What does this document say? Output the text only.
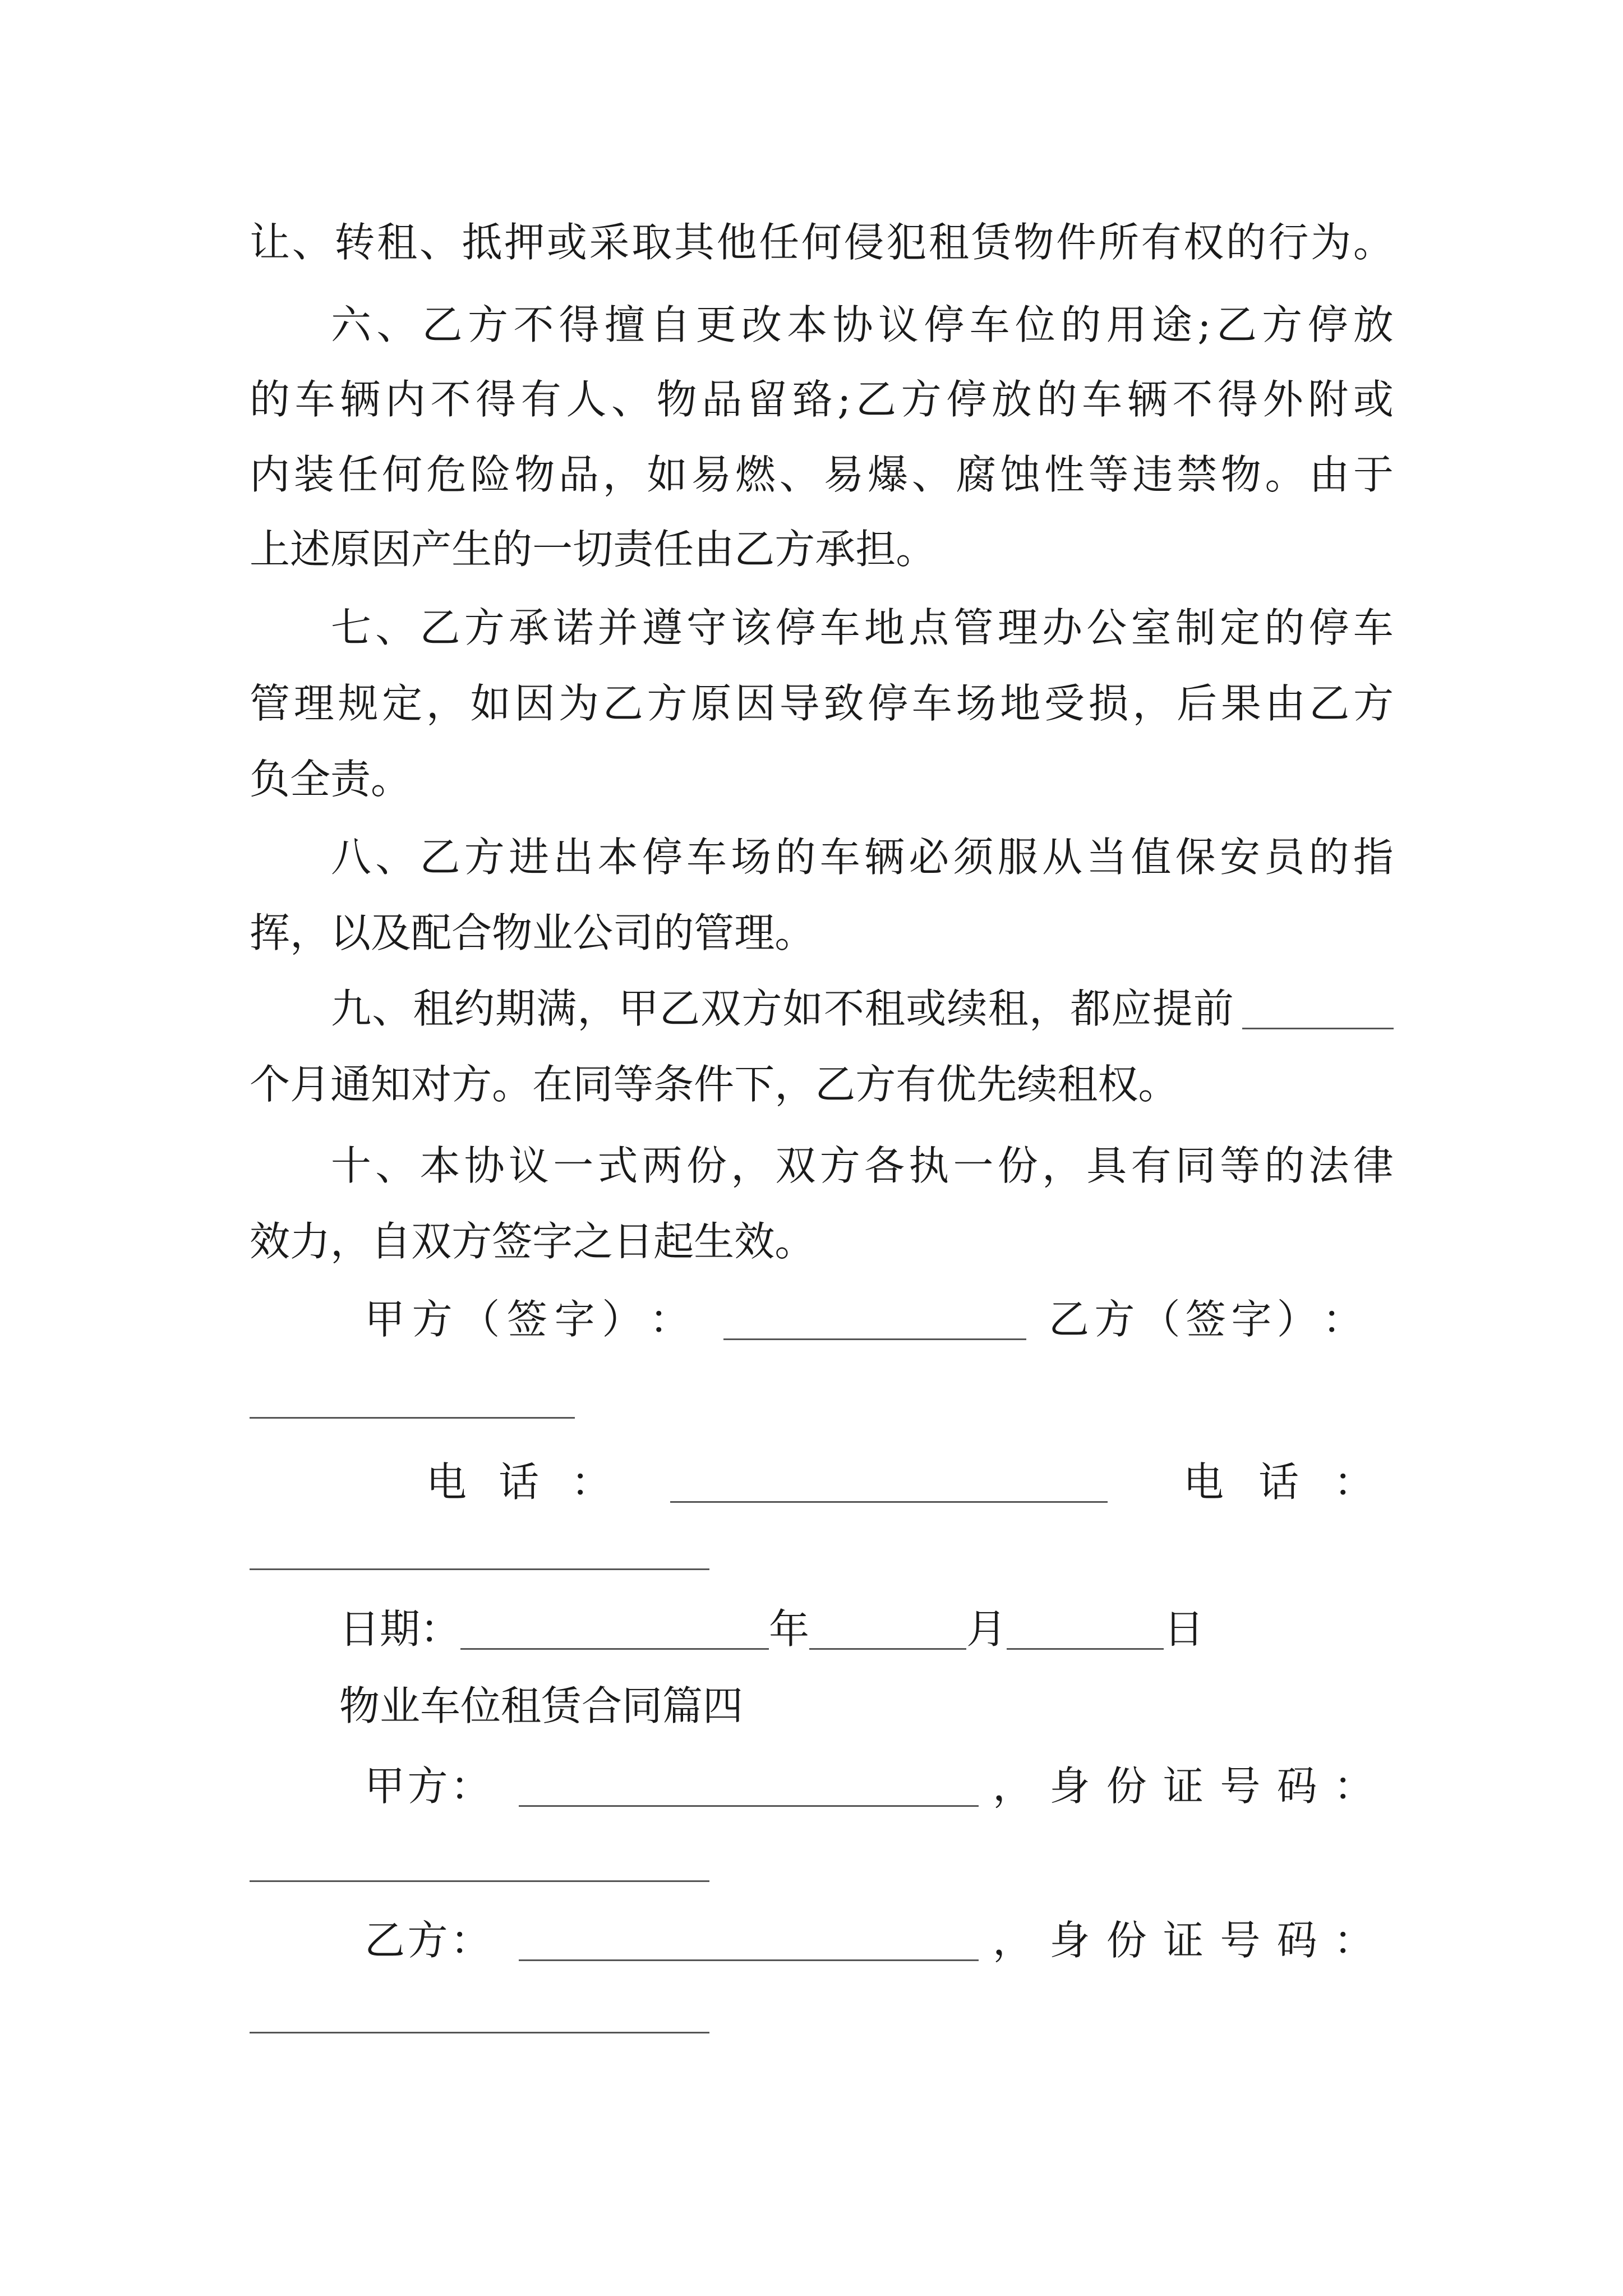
让 、 转 租 、 抵 押 或 采 取 其 他 任 何 侵 犯 租 赁 物 件 所 有 权 的 行 为 。
六 、 乙 方 不 得 擅 自 更 改 本 协 议 停 车 位 的 用 途 ; 乙 方 停 放
的 车 辆 内 不 得 有 人 、 物 品 留 臵 ; 乙 方 停 放 的 车 辆 不 得 外 附 或
内 装 任 何 危 险 物 品 ， 如 易 燃 、 易 爆 、 腐 蚀 性 等 违 禁 物 。 由 于
上 述 原 因 产 生 的 一 切 责 任 由 乙 方 承 担 。
七 、 乙 方 承 诺 并 遵 守 该 停 车 地 点 管 理 办 公 室 制 定 的 停 车
管 理 规 定 ， 如 因 为 乙 方 原 因 导 致 停 车 场 地 受 损 ， 后 果 由 乙 方
负 全 责 。
八 、 乙 方 进 出 本 停 车 场 的 车 辆 必 须 服 从 当 值 保 安 员 的 指
挥 ， 以 及 配 合 物 业 公 司 的 管 理 。
九 、 租 约 期 满 ， 甲 乙 双 方 如 不 租 或 续 租 ， 都 应 提 前
个 月 通 知 对 方 。 在 同 等 条 件 下 ， 乙 方 有 优 先 续 租 权 。
十 、 本 协 议 一 式 两 份 ， 双 方 各 执 一 份 ， 具 有 同 等 的 法 律
效 力 ， 自 双 方 签 字 之 日 起 生 效 。
甲 方 （ 签 字 ） ：	乙 方 （ 签 字 ） ：
电 话 ：	电 话 ：
日期：	年	月	日
物业车位租赁合同篇四
甲 方 ：	， 身 份 证 号 码 ：
乙 方 ：	， 身 份 证 号 码 ：
